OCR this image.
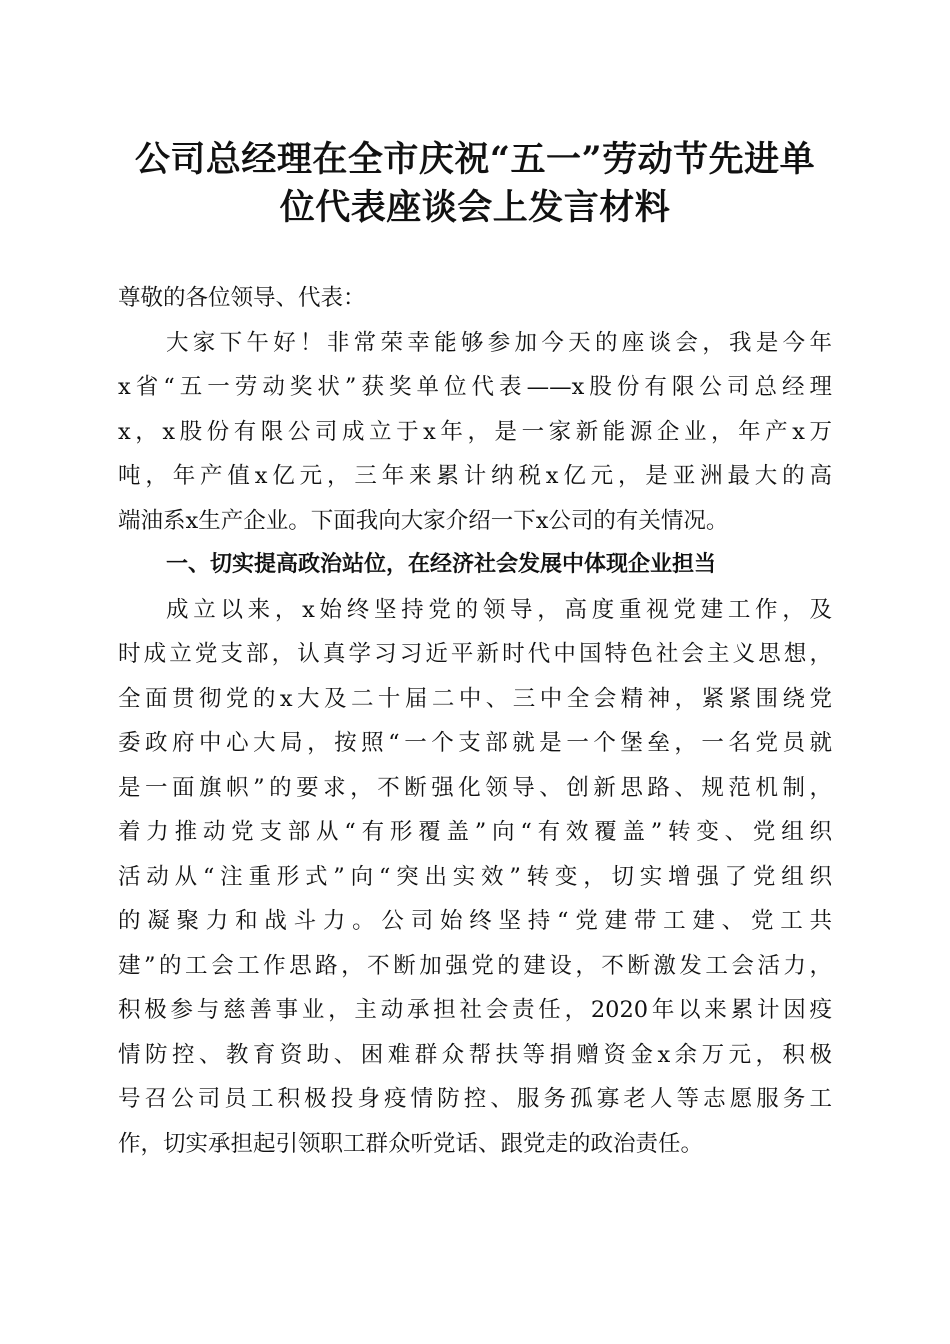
公司总经理在全市庆祝“五一”劳动节先进单
位代表座谈会上发言材料
尊敬的各位领导、代表：
大家下午好！非常荣幸能够参加今天的座谈会，我是今年
x省“五一劳动奖状”获奖单位代表——x股份有限公司总经理
x，x股份有限公司成立于x年，是一家新能源企业，年产x万
吨，年产值x亿元，三年来累计纳税x亿元，是亚洲最大的高
端油系x生产企业。下面我向大家介绍一下x公司的有关情况。
一、切实提高政治站位，在经济社会发展中体现企业担当
成立以来，x始终坚持党的领导，高度重视党建工作，及
时成立党支部，认真学习习近平新时代中国特色社会主义思想，
全面贯彻党的x大及二十届二中、三中全会精神，紧紧围绕党
委政府中心大局，按照“一个支部就是一个堡垒，一名党员就
是一面旗帜”的要求，不断强化领导、创新思路、规范机制，
着力推动党支部从“有形覆盖”向“有效覆盖”转变、党组织
活动从“注重形式”向“突出实效”转变，切实增强了党组织
的凝聚力和战斗力。公司始终坚持“党建带工建、党工共
建”的工会工作思路，不断加强党的建设，不断激发工会活力，
积极参与慈善事业，主动承担社会责任，2020年以来累计因疫
情防控、教育资助、困难群众帮扶等捐赠资金x余万元，积极
号召公司员工积极投身疫情防控、服务孤寡老人等志愿服务工
作，切实承担起引领职工群众听党话、跟党走的政治责任。
